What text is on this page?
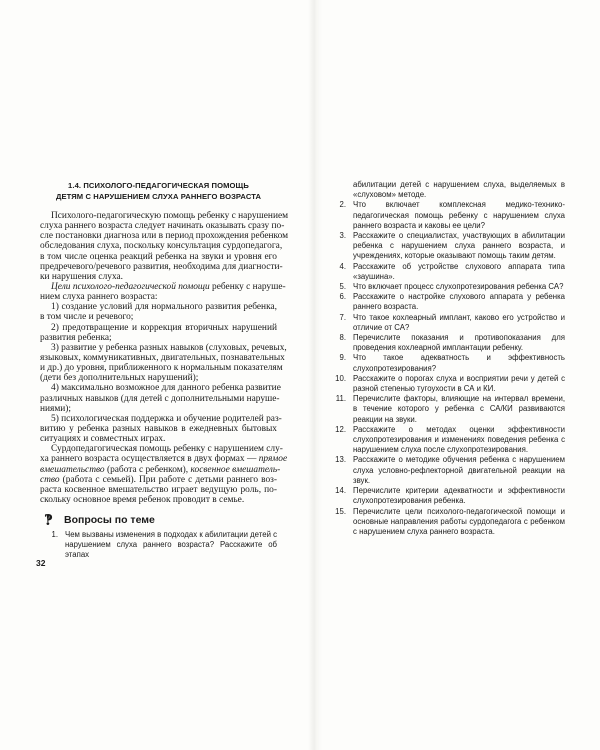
1.4. ПСИХОЛОГО-ПЕДАГОГИЧЕСКАЯ ПОМОЩЬ
ДЕТЯМ С НАРУШЕНИЕМ СЛУХА РАННЕГО ВОЗРАСТА
Психолого-педагогическую помощь ребенку с нарушением
слуха раннего возраста следует начинать оказывать сразу по-
сле постановки диагноза или в период прохождения ребенком
обследования слуха, поскольку консультация сурдопедагога,
в том числе оценка реакций ребенка на звуки и уровня его
предречевого/речевого развития, необходима для диагности-
ки нарушения слуха.
Цели психолого-педагогической помощи ребенку с наруше-
нием слуха раннего возраста:
1) создание условий для нормального развития ребенка,
в том числе и речевого;
2) предотвращение и коррекция вторичных нарушений
развития ребенка;
3) развитие у ребенка разных навыков (слуховых, речевых,
языковых, коммуникативных, двигательных, познавательных
и др.) до уровня, приближенного к нормальным показателям
(дети без дополнительных нарушений);
4) максимально возможное для данного ребенка развитие
различных навыков (для детей с дополнительными наруше-
ниями);
5) психологическая поддержка и обучение родителей раз-
витию у ребенка разных навыков в ежедневных бытовых
ситуациях и совместных играх.
Сурдопедагогическая помощь ребенку с нарушением слу-
ха раннего возраста осуществляется в двух формах — прямое
вмешательство (работа с ребенком), косвенное вмешатель-
ство (работа с семьей). При работе с детьми раннего воз-
раста косвенное вмешательство играет ведущую роль, по-
скольку основное время ребенок проводит в семье.
‽	Вопросы по теме
1. Чем вызваны изменения в подходах к абилитации детей с нарушением слуха раннего возраста? Расскажите об этапах
32
абилитации детей с нарушением слуха, выделяемых в «слуховом» методе.
2. Что включает комплексная медико-технико-педагогическая помощь ребенку с нарушением слуха раннего возраста и каковы ее цели?
3. Расскажите о специалистах, участвующих в абилитации ребенка с нарушением слуха раннего возраста, и учреждениях, которые оказывают помощь таким детям.
4. Расскажите об устройстве слухового аппарата типа «заушина».
5. Что включает процесс слухопротезирования ребенка СА?
6. Расскажите о настройке слухового аппарата у ребенка раннего возраста.
7. Что такое кохлеарный имплант, каково его устройство и отличие от СА?
8. Перечислите показания и противопоказания для проведения кохлеарной имплантации ребенку.
9. Что такое адекватность и эффективность слухопротезирования?
10. Расскажите о порогах слуха и восприятии речи у детей с разной степенью тугоухости в СА и КИ.
11. Перечислите факторы, влияющие на интервал времени, в течение которого у ребенка с СА/КИ развиваются реакции на звуки.
12. Расскажите о методах оценки эффективности слухопротезирования и изменениях поведения ребенка с нарушением слуха после слухопротезирования.
13. Расскажите о методике обучения ребенка с нарушением слуха условно-рефлекторной двигательной реакции на звук.
14. Перечислите критерии адекватности и эффективности слухопротезирования ребенка.
15. Перечислите цели психолого-педагогической помощи и основные направления работы сурдопедагога с ребенком с нарушением слуха раннего возраста.
